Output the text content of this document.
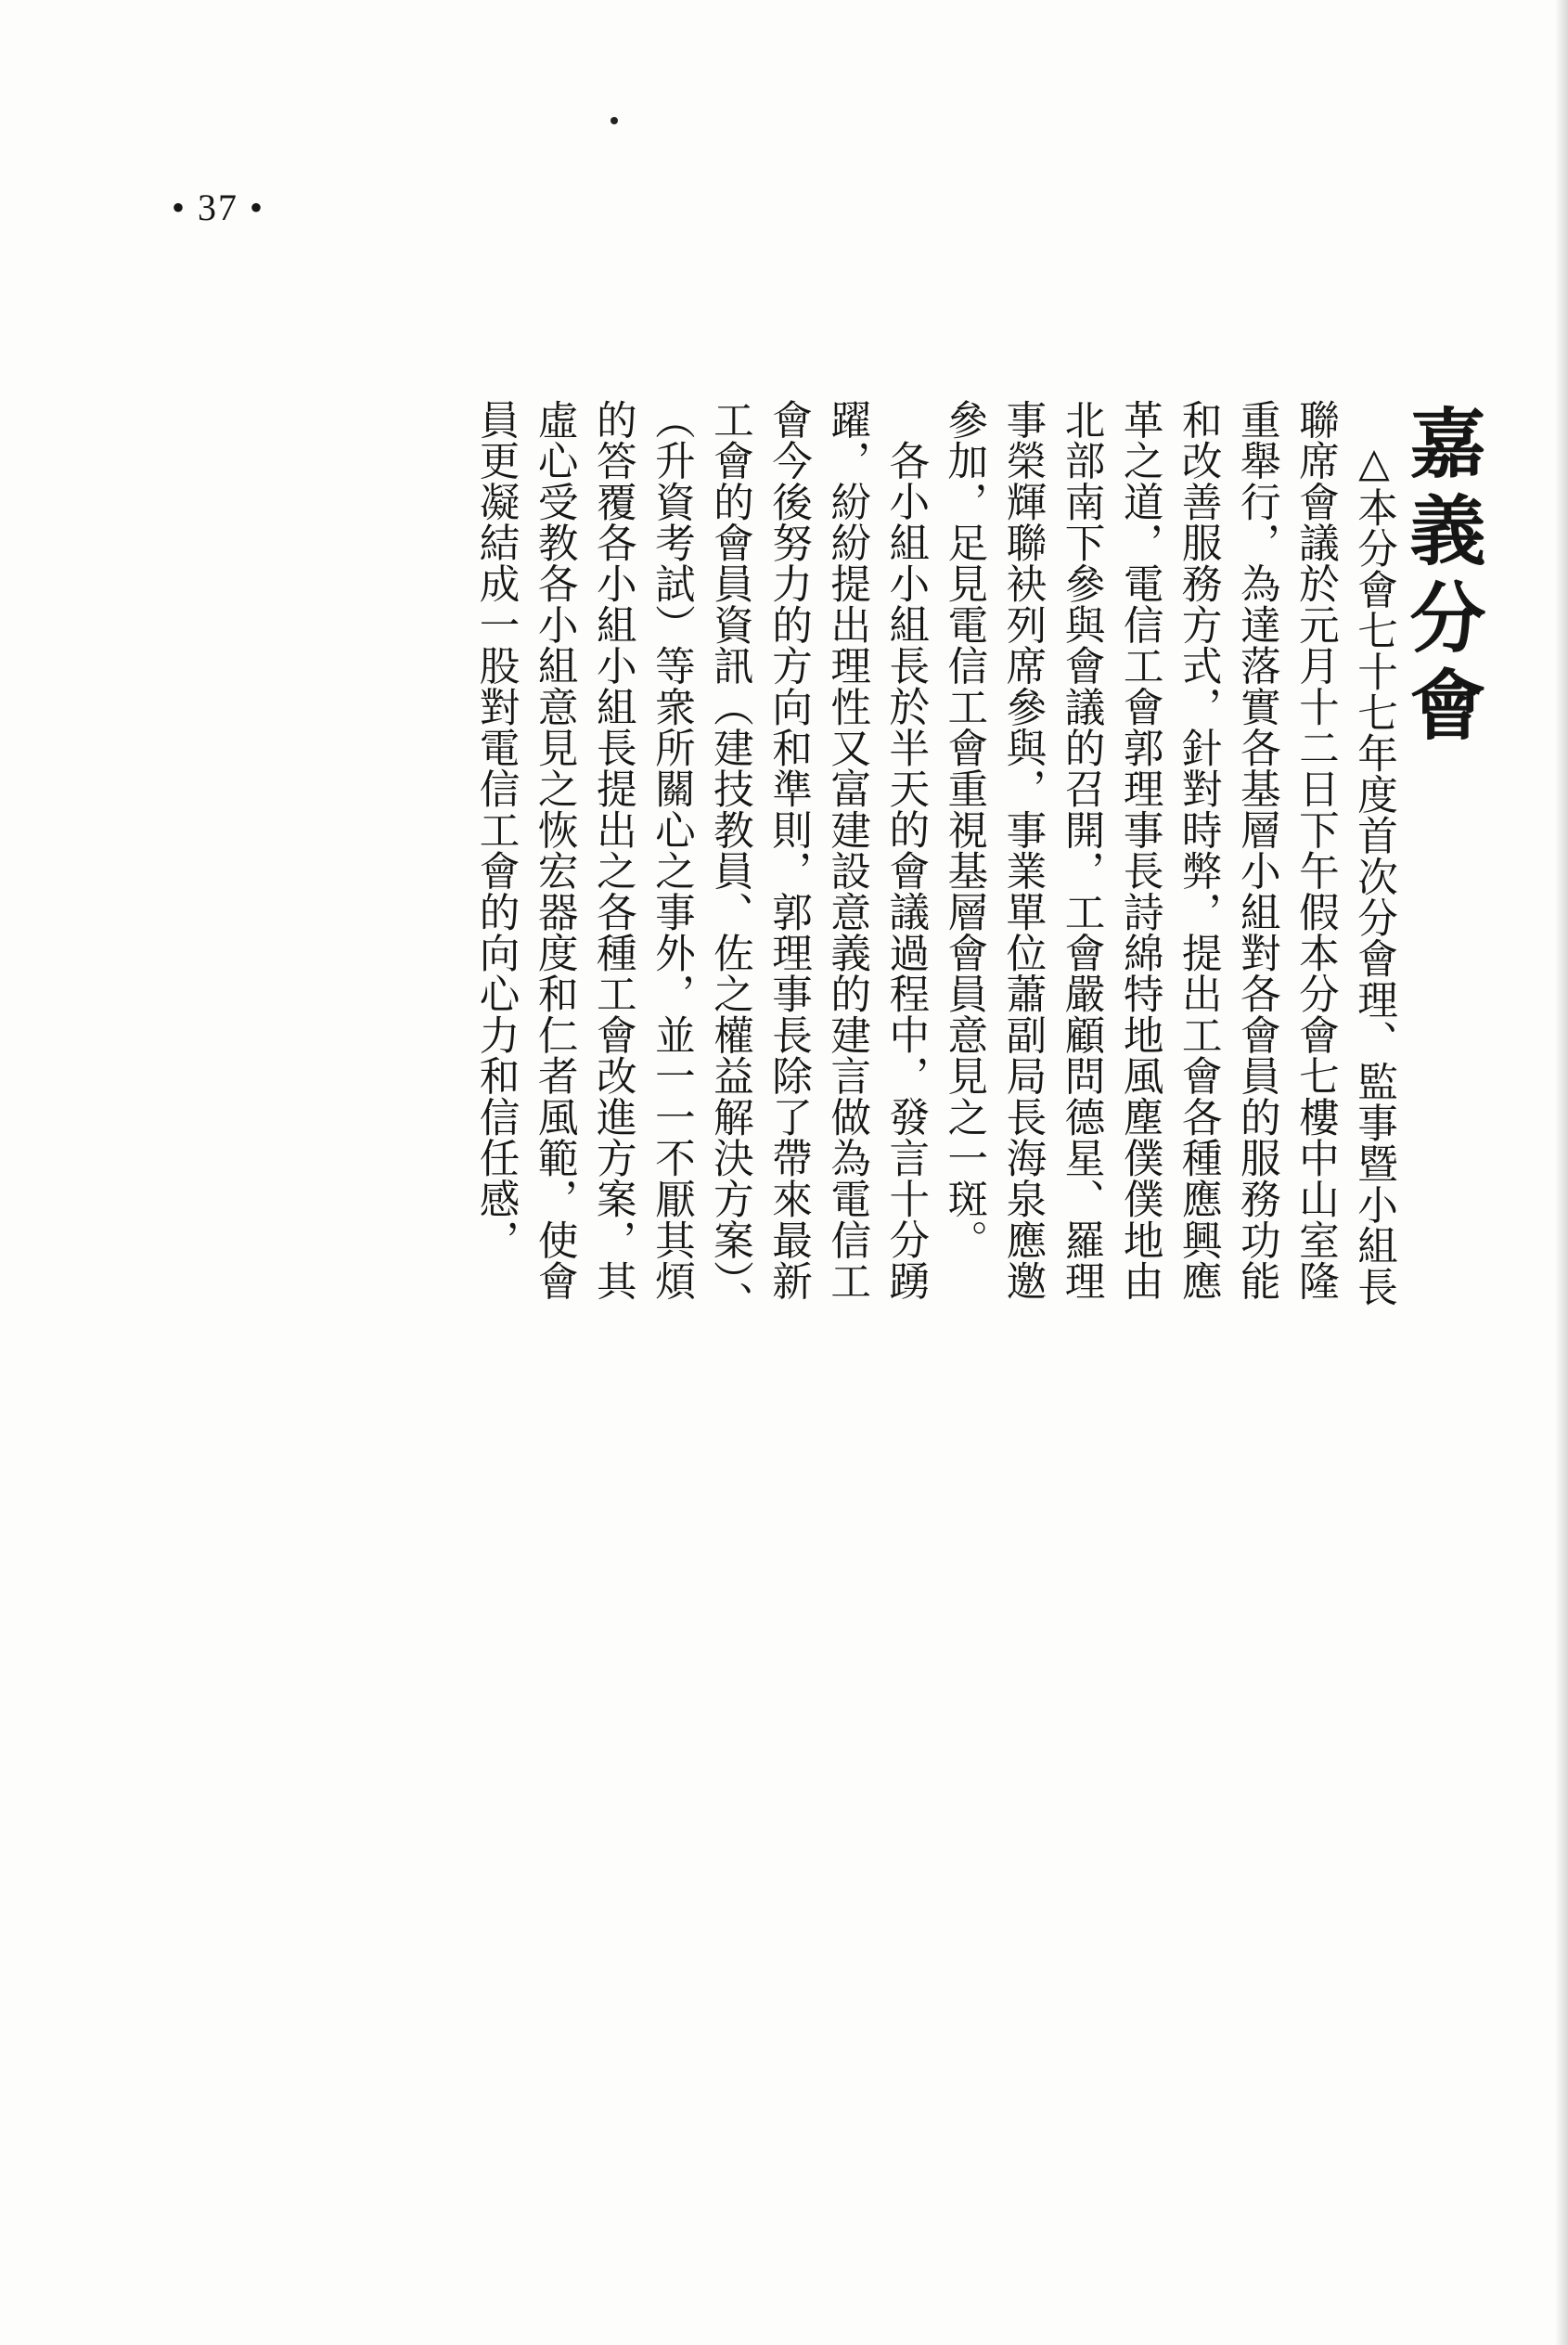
• 37 •
嘉義分會

△本分會七十七年度首次分會理、監事暨小組長聯席會議於元月十二日下午假本分會七樓中山室隆重舉行，為達落實各基層小組對各會員的服務功能和改善服務方式，針對時弊，提出工會各種應興應革之道，電信工會郭理事長詩綿特地風塵僕僕地由北部南下參與會議的召開，工會嚴顧問德星、羅理事榮輝聯袂列席參與，事業單位蕭副局長海泉應邀參加，足見電信工會重視基層會員意見之一斑。

各小組小組長於半天的會議過程中，發言十分踴躍，紛紛提出理性又富建設意義的建言做為電信工會今後努力的方向和準則，郭理事長除了帶來最新工會的會員資訊（建技教員、佐之權益解決方案）、（升資考試）等衆所關心之事外，並一一不厭其煩的答覆各小組小組長提出之各種工會改進方案，其虛心受教各小組意見之恢宏器度和仁者風範，使會員更凝結成一股對電信工會的向心力和信任感，
